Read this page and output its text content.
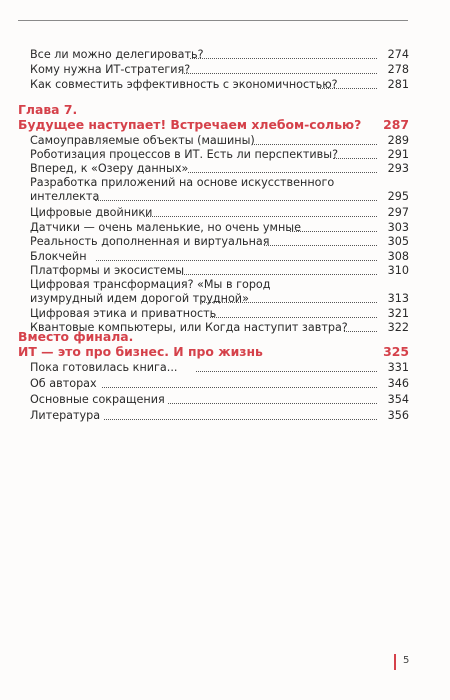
Все ли можно делегировать?	274
Кому нужна ИТ-стратегия?	278
Как совместить эффективность с экономичностью?	281
Глава 7.
Будущее наступает! Встречаем хлебом-солью?	287
Самоуправляемые объекты (машины)	289
Роботизация процессов в ИТ. Есть ли перспективы?	291
Вперед, к «Озеру данных»	293
Разработка приложений на основе искусственного интеллекта	295
Цифровые двойники	297
Датчики — очень маленькие, но очень умные	303
Реальность дополненная и виртуальная	305
Блокчейн	308
Платформы и экосистемы	310
Цифровая трансформация? «Мы в город изумрудный идем дорогой трудной»	313
Цифровая этика и приватность	321
Квантовые компьютеры, или Когда наступит завтра?	322
Вместо финала.
ИТ — это про бизнес. И про жизнь	325
Пока готовилась книга...	331
Об авторах	346
Основные сокращения	354
Литература	356
5
